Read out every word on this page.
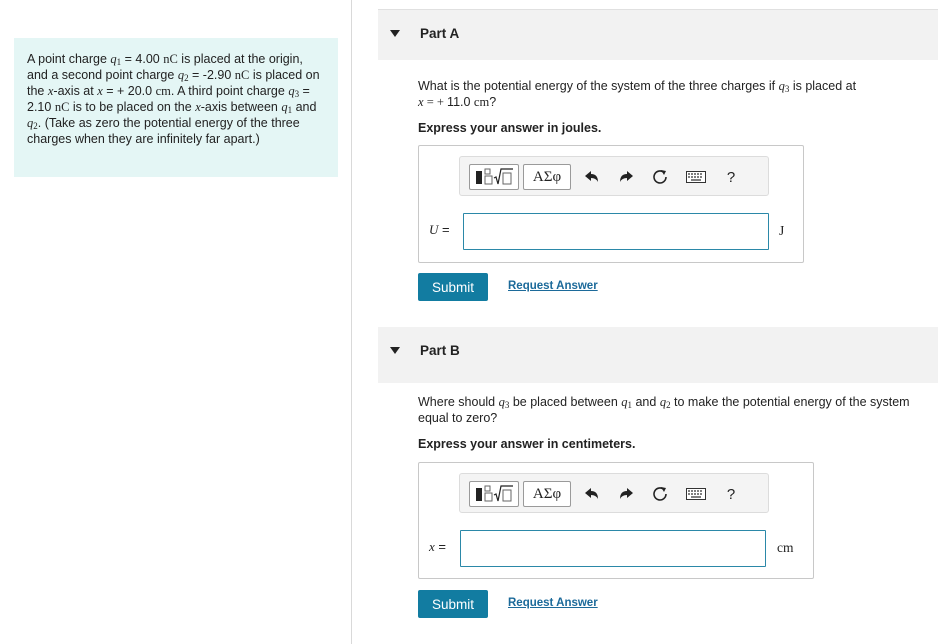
A point charge $q_1 = 4.00$ nC is placed at the origin, and a second point charge $q_2 = -2.90$ nC is placed on the x-axis at x = + 20.0 cm. A third point charge $q_3 = 2.10$ nC is to be placed on the x-axis between $q_1$ and $q_2$. (Take as zero the potential energy of the three charges when they are infinitely far apart.)
Part A
What is the potential energy of the system of the three charges if $q_3$ is placed at
x = + 11.0 cm?
Express your answer in joules.
ΑΣφ	?
U =	J
Submit	Request Answer
Part B
Where should $q_3$ be placed between $q_1$ and $q_2$ to make the potential energy of the system equal to zero?
Express your answer in centimeters.
ΑΣφ	?
x =	cm
Submit	Request Answer
